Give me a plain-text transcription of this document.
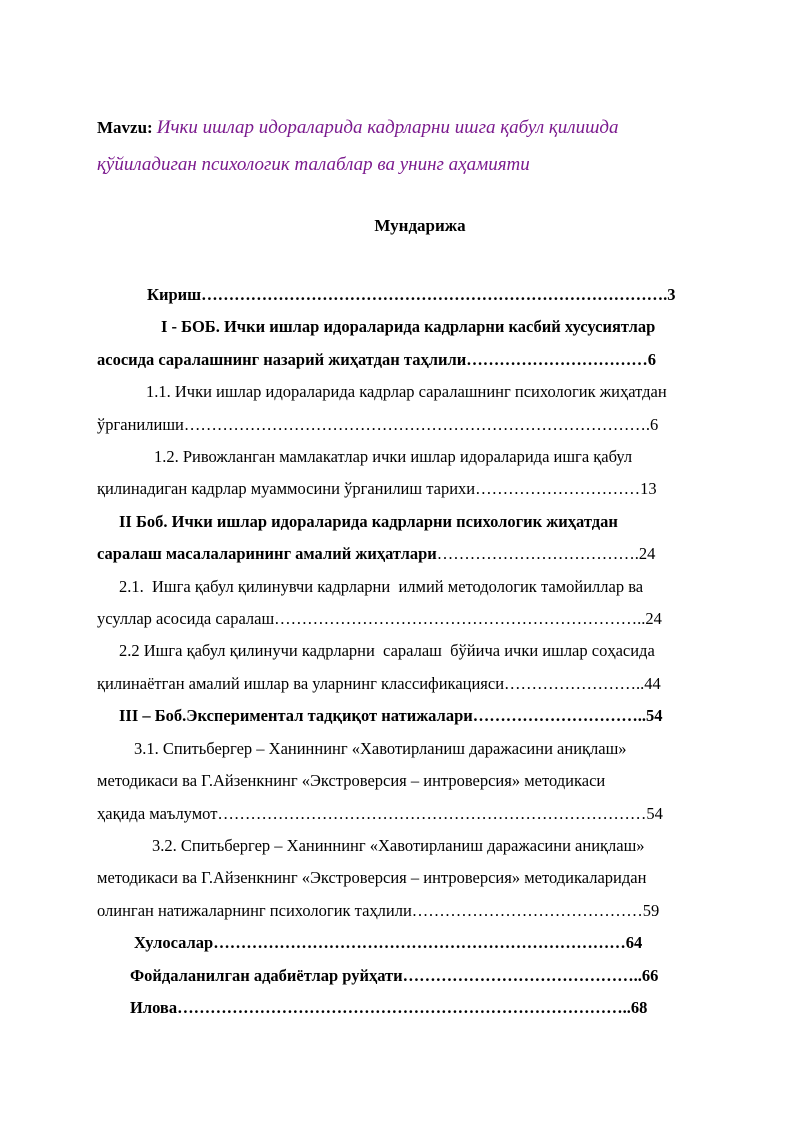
Mavzu: Ички ишлар идораларида кадрларни ишга қабул қилишда
қўйиладиган психологик талаблар ва унинг аҳамияти
Мундарижа
Кириш………………………………………………………………………….3
I - БОБ. Ички ишлар идораларида кадрларни касбий хусусиятлар
асосида саралашнинг назарий жиҳатдан таҳлили……………………………6
1.1. Ички ишлар идораларида кадрлар саралашнинг психологик жиҳатдан
ўрганилиши………………………………………………………………………….6
1.2. Ривожланган мамлакатлар ички ишлар идораларида ишга қабул
қилинадиган кадрлар муаммосини ўрганилиш тарихи…………………………13
II Боб. Ички ишлар идораларида кадрларни психологик жиҳатдан
саралаш масалаларининг амалий жиҳатлари……………………………….24
2.1.  Ишга қабул қилинувчи кадрларни  илмий методологик тамойиллар ва
усуллар асосида саралаш…………………………………………………………..24
2.2 Ишга қабул қилинучи кадрларни  саралаш  бўйича ички ишлар соҳасида
қилинаётган амалий ишлар ва уларнинг классификацияси……………………..44
III – Боб.Экспериментал тадқиқот натижалари…………………………..54
3.1. Спитьбергер – Ханиннинг «Хавотирланиш даражасини аниқлаш»
методикаси ва Г.Айзенкнинг «Экстроверсия – интроверсия» методикаси
ҳақида маълумот……………………………………………………………………54
3.2. Спитьбергер – Ханиннинг «Хавотирланиш даражасини аниқлаш»
методикаси ва Г.Айзенкнинг «Экстроверсия – интроверсия» методикаларидан
олинган натижаларнинг психологик таҳлили……………………………………59
Хулосалар…………………………………………………………………64
Фойдаланилган адабиётлар руйҳати……………………………………..66
Илова………………………………………………………………………..68
